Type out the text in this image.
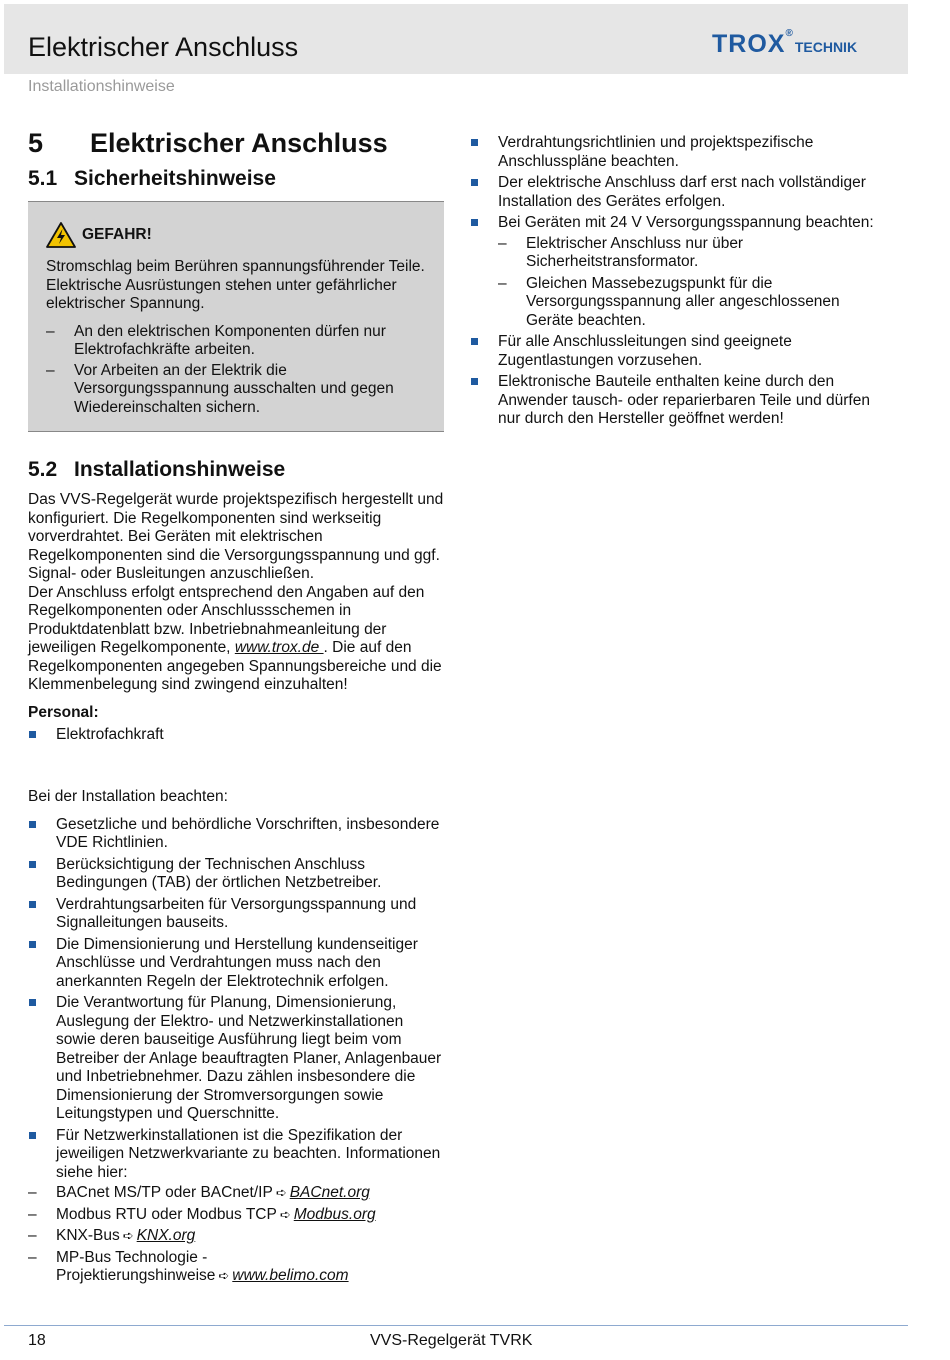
Elektrischer Anschluss	TROX®TECHNIK
Installationshinweise
5	Elektrischer Anschluss
5.1 Sicherheitshinweise
GEFAHR!
Stromschlag beim Berühren spannungsführender Teile. Elektrische Ausrüstungen stehen unter gefährlicher elektrischer Spannung.
–	An den elektrischen Komponenten dürfen nur Elektrofachkräfte arbeiten.
–	Vor Arbeiten an der Elektrik die Versorgungsspannung ausschalten und gegen Wiedereinschalten sichern.
5.2 Installationshinweise
Das VVS-Regelgerät wurde projektspezifisch hergestellt und konfiguriert. Die Regelkomponenten sind werkseitig vorverdrahtet. Bei Geräten mit elektrischen Regelkomponenten sind die Versorgungsspannung und ggf. Signal- oder Busleitungen anzuschließen.
Der Anschluss erfolgt entsprechend den Angaben auf den Regelkomponenten oder Anschlussschemen in Produktdatenblatt bzw. Inbetriebnahmeanleitung der jeweiligen Regelkomponente, www.trox.de . Die auf den Regelkomponenten angegeben Spannungsbereiche und die Klemmenbelegung sind zwingend einzuhalten!
Personal:
Elektrofachkraft
Bei der Installation beachten:
Gesetzliche und behördliche Vorschriften, insbesondere VDE Richtlinien.
Berücksichtigung der Technischen Anschluss Bedingungen (TAB) der örtlichen Netzbetreiber.
Verdrahtungsarbeiten für Versorgungsspannung und Signalleitungen bauseits.
Die Dimensionierung und Herstellung kundenseitiger Anschlüsse und Verdrahtungen muss nach den anerkannten Regeln der Elektrotechnik erfolgen.
Die Verantwortung für Planung, Dimensionierung, Auslegung der Elektro- und Netzwerkinstallationen sowie deren bauseitige Ausführung liegt beim vom Betreiber der Anlage beauftragten Planer, Anlagenbauer und Inbetriebnehmer. Dazu zählen insbesondere die Dimensionierung der Stromversorgungen sowie Leitungstypen und Querschnitte.
Für Netzwerkinstallationen ist die Spezifikation der jeweiligen Netzwerkvariante zu beachten. Informationen siehe hier:
–	BACnet MS/TP oder BACnet/IP ➪ BACnet.org
–	Modbus RTU oder Modbus TCP ➪ Modbus.org
–	KNX-Bus ➪ KNX.org
–	MP-Bus Technologie - Projektierungshinweise ➪ www.belimo.com
Verdrahtungsrichtlinien und projektspezifische Anschlusspläne beachten.
Der elektrische Anschluss darf erst nach vollständiger Installation des Gerätes erfolgen.
Bei Geräten mit 24 V Versorgungsspannung beachten:
–	Elektrischer Anschluss nur über Sicherheitstransformator.
–	Gleichen Massebezugspunkt für die Versorgungsspannung aller angeschlossenen Geräte beachten.
Für alle Anschlussleitungen sind geeignete Zugentlastungen vorzusehen.
Elektronische Bauteile enthalten keine durch den Anwender tausch- oder reparierbaren Teile und dürfen nur durch den Hersteller geöffnet werden!
18	VVS-Regelgerät TVRK
